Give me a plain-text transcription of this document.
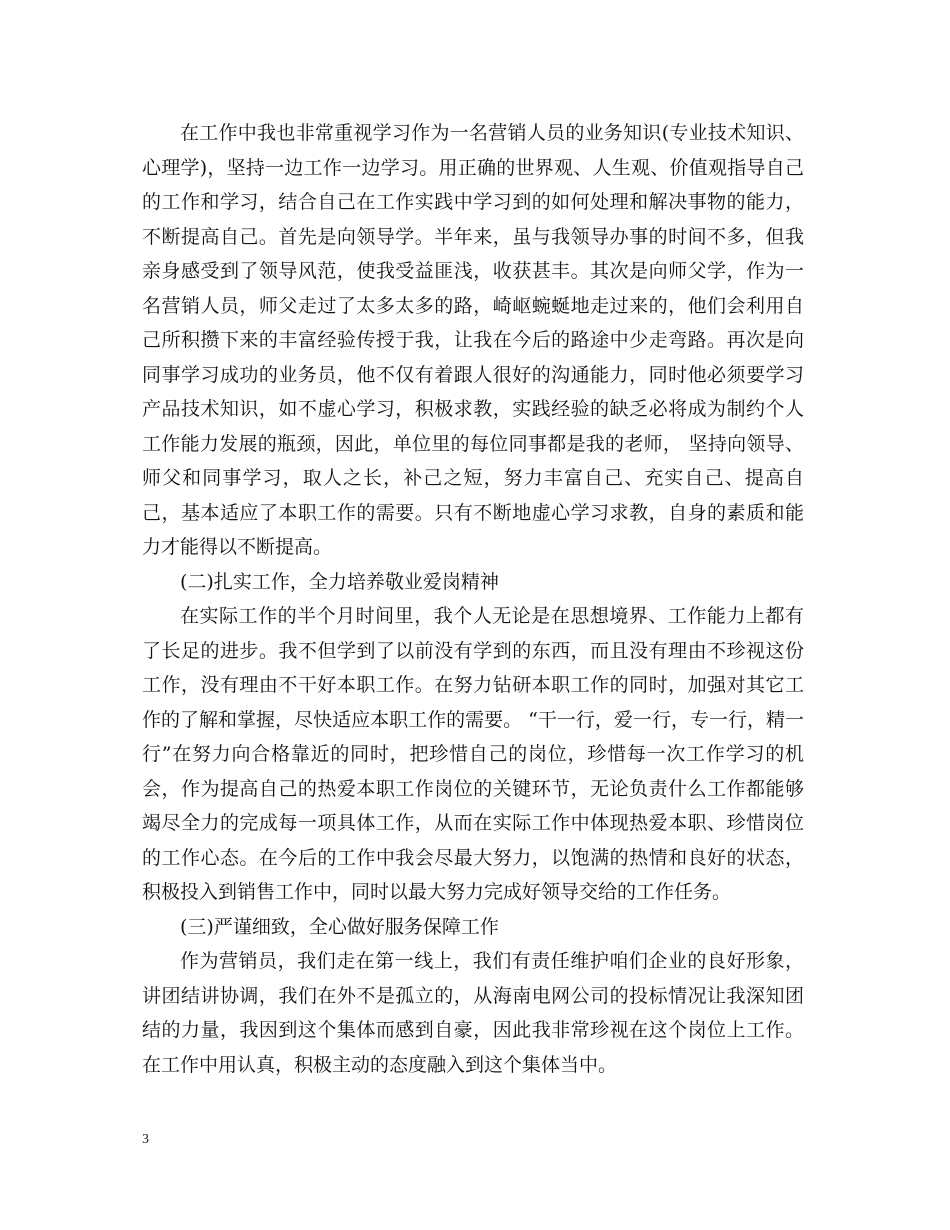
在工作中我也非常重视学习作为一名营销人员的业务知识(专业技术知识、心理学)，坚持一边工作一边学习。用正确的世界观、人生观、价值观指导自己的工作和学习，结合自己在工作实践中学习到的如何处理和解决事物的能力，不断提高自己。首先是向领导学。半年来，虽与我领导办事的时间不多，但我亲身感受到了领导风范，使我受益匪浅，收获甚丰。其次是向师父学，作为一名营销人员，师父走过了太多太多的路，崎岖蜿蜒地走过来的，他们会利用自己所积攒下来的丰富经验传授于我，让我在今后的路途中少走弯路。再次是向同事学习成功的业务员，他不仅有着跟人很好的沟通能力，同时他必须要学习产品技术知识，如不虚心学习，积极求教，实践经验的缺乏必将成为制约个人工作能力发展的瓶颈，因此，单位里的每位同事都是我的老师， 坚持向领导、师父和同事学习，取人之长，补己之短，努力丰富自己、充实自己、提高自己，基本适应了本职工作的需要。只有不断地虚心学习求教，自身的素质和能力才能得以不断提高。

(二)扎实工作，全力培养敬业爱岗精神

在实际工作的半个月时间里，我个人无论是在思想境界、工作能力上都有了长足的进步。我不但学到了以前没有学到的东西，而且没有理由不珍视这份工作，没有理由不干好本职工作。在努力钻研本职工作的同时，加强对其它工作的了解和掌握，尽快适应本职工作的需要。 “干一行，爱一行，专一行，精一行”在努力向合格靠近的同时，把珍惜自己的岗位，珍惜每一次工作学习的机会，作为提高自己的热爱本职工作岗位的关键环节，无论负责什么工作都能够竭尽全力的完成每一项具体工作，从而在实际工作中体现热爱本职、珍惜岗位的工作心态。在今后的工作中我会尽最大努力，以饱满的热情和良好的状态，积极投入到销售工作中，同时以最大努力完成好领导交给的工作任务。

(三)严谨细致，全心做好服务保障工作

作为营销员，我们走在第一线上，我们有责任维护咱们企业的良好形象，讲团结讲协调，我们在外不是孤立的，从海南电网公司的投标情况让我深知团结的力量，我因到这个集体而感到自豪，因此我非常珍视在这个岗位上工作。在工作中用认真，积极主动的态度融入到这个集体当中。

3
